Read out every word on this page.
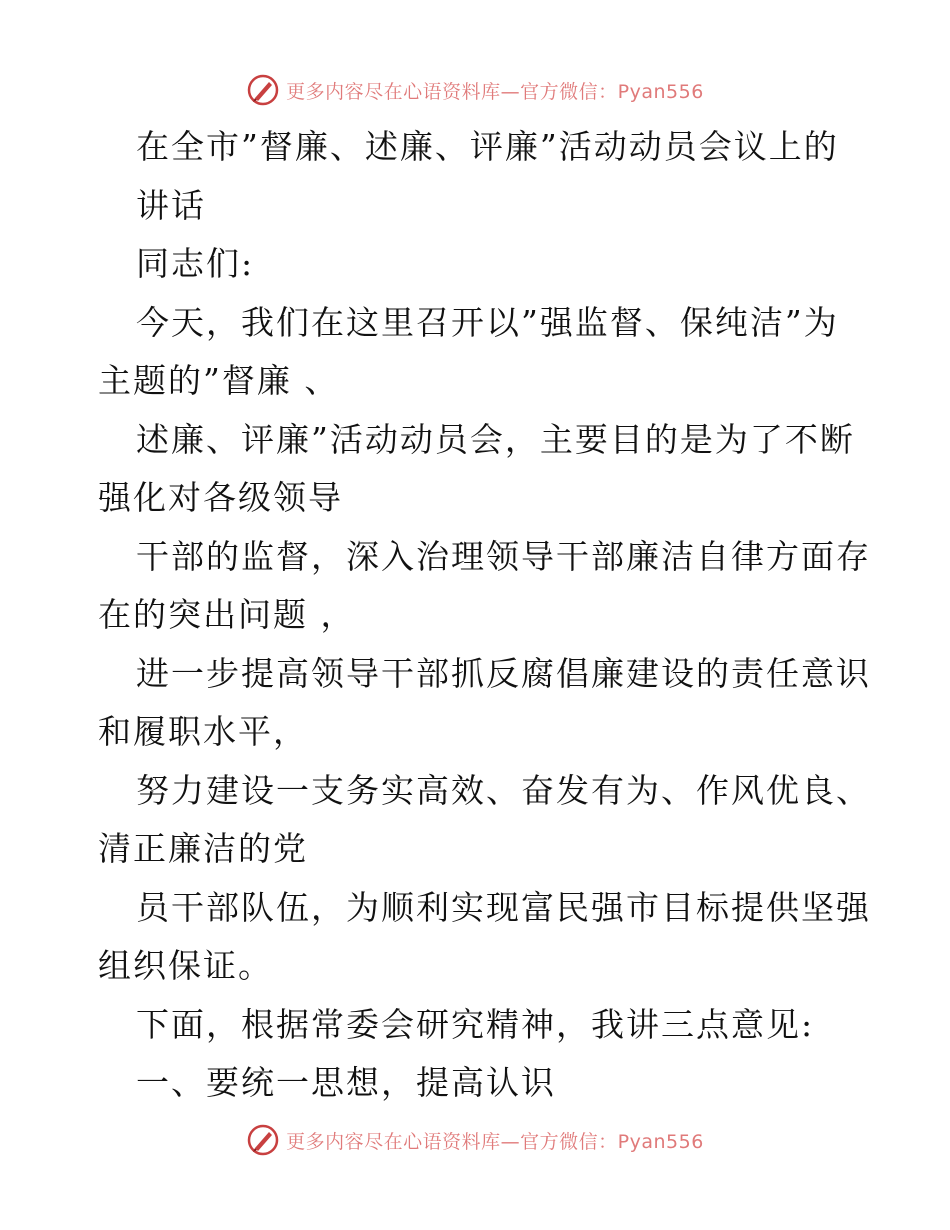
更多内容尽在心语资料库—官方微信：Pyan556
在全市”督廉、述廉、评廉”活动动员会议上的
讲话
同志们:
今天，我们在这里召开以”强监督、保纯洁”为
主题的”督廉 、
述廉、评廉”活动动员会，主要目的是为了不断
强化对各级领导
干部的监督，深入治理领导干部廉洁自律方面存
在的突出问题 ，
进一步提高领导干部抓反腐倡廉建设的责任意识
和履职水平，
努力建设一支务实高效、奋发有为、作风优良、
清正廉洁的党
员干部队伍，为顺利实现富民强市目标提供坚强
组织保证。
下面，根据常委会研究精神，我讲三点意见:
一、要统一思想，提高认识
更多内容尽在心语资料库—官方微信：Pyan556
